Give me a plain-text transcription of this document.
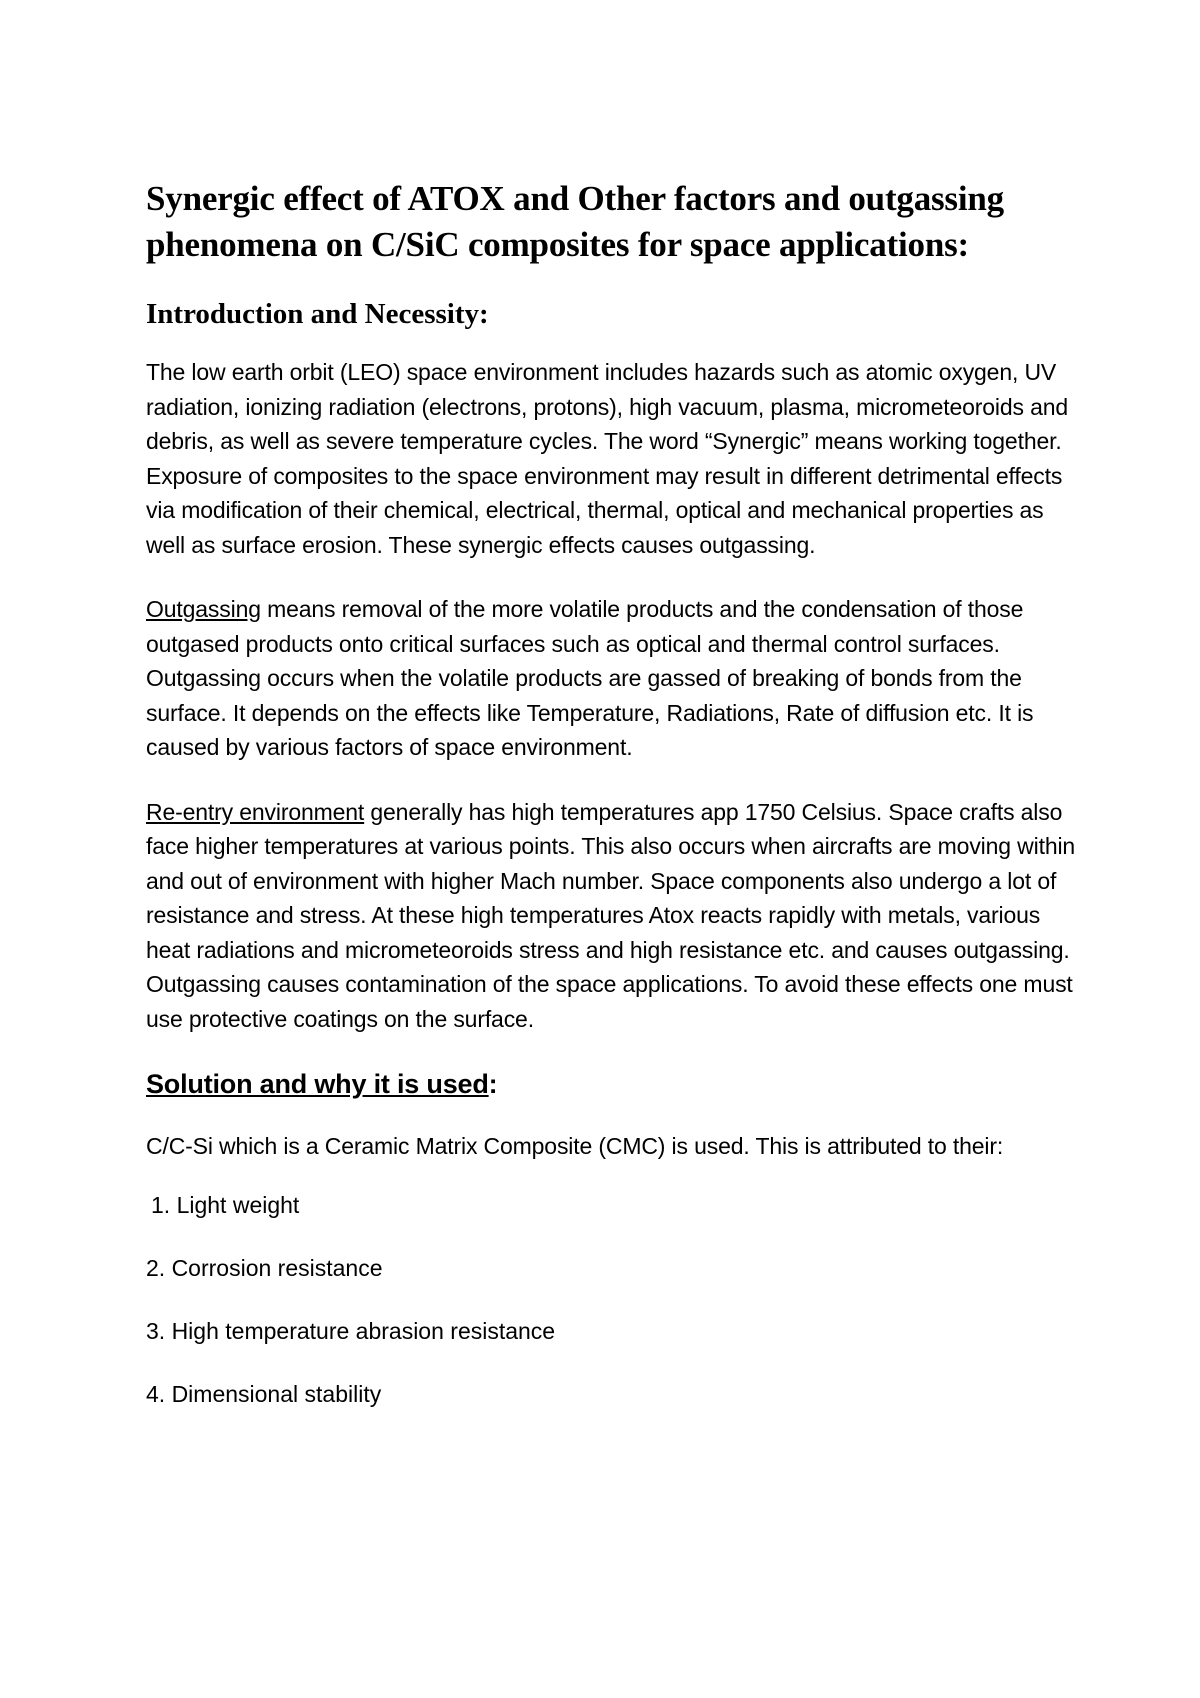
Synergic effect of ATOX and Other factors and outgassing phenomena on C/SiC composites for space applications:
Introduction and Necessity:

The low earth orbit (LEO) space environment includes hazards such as atomic oxygen, UV radiation, ionizing radiation (electrons, protons), high vacuum, plasma, micrometeoroids and debris, as well as severe temperature cycles. The word “Synergic” means working together. Exposure of composites to the space environment may result in different detrimental effects via modification of their chemical, electrical, thermal, optical and mechanical properties as well as surface erosion. These synergic effects causes outgassing.

Outgassing means removal of the more volatile products and the condensation of those outgased products onto critical surfaces such as optical and thermal control surfaces. Outgassing occurs when the volatile products are gassed of breaking of bonds from the surface. It depends on the effects like Temperature, Radiations, Rate of diffusion etc. It is caused by various factors of space environment.

Re-entry environment generally has high temperatures app 1750 Celsius. Space crafts also face higher temperatures at various points. This also occurs when aircrafts are moving within and out of environment with higher Mach number. Space components also undergo a lot of resistance and stress. At these high temperatures Atox reacts rapidly with metals, various heat radiations and micrometeoroids stress and high resistance etc. and causes outgassing. Outgassing causes contamination of the space applications. To avoid these effects one must use protective coatings on the surface.

Solution and why it is used:

C/C-Si which is a Ceramic Matrix Composite (CMC) is used. This is attributed to their:

1. Light weight
2. Corrosion resistance
3. High temperature abrasion resistance
4. Dimensional stability
